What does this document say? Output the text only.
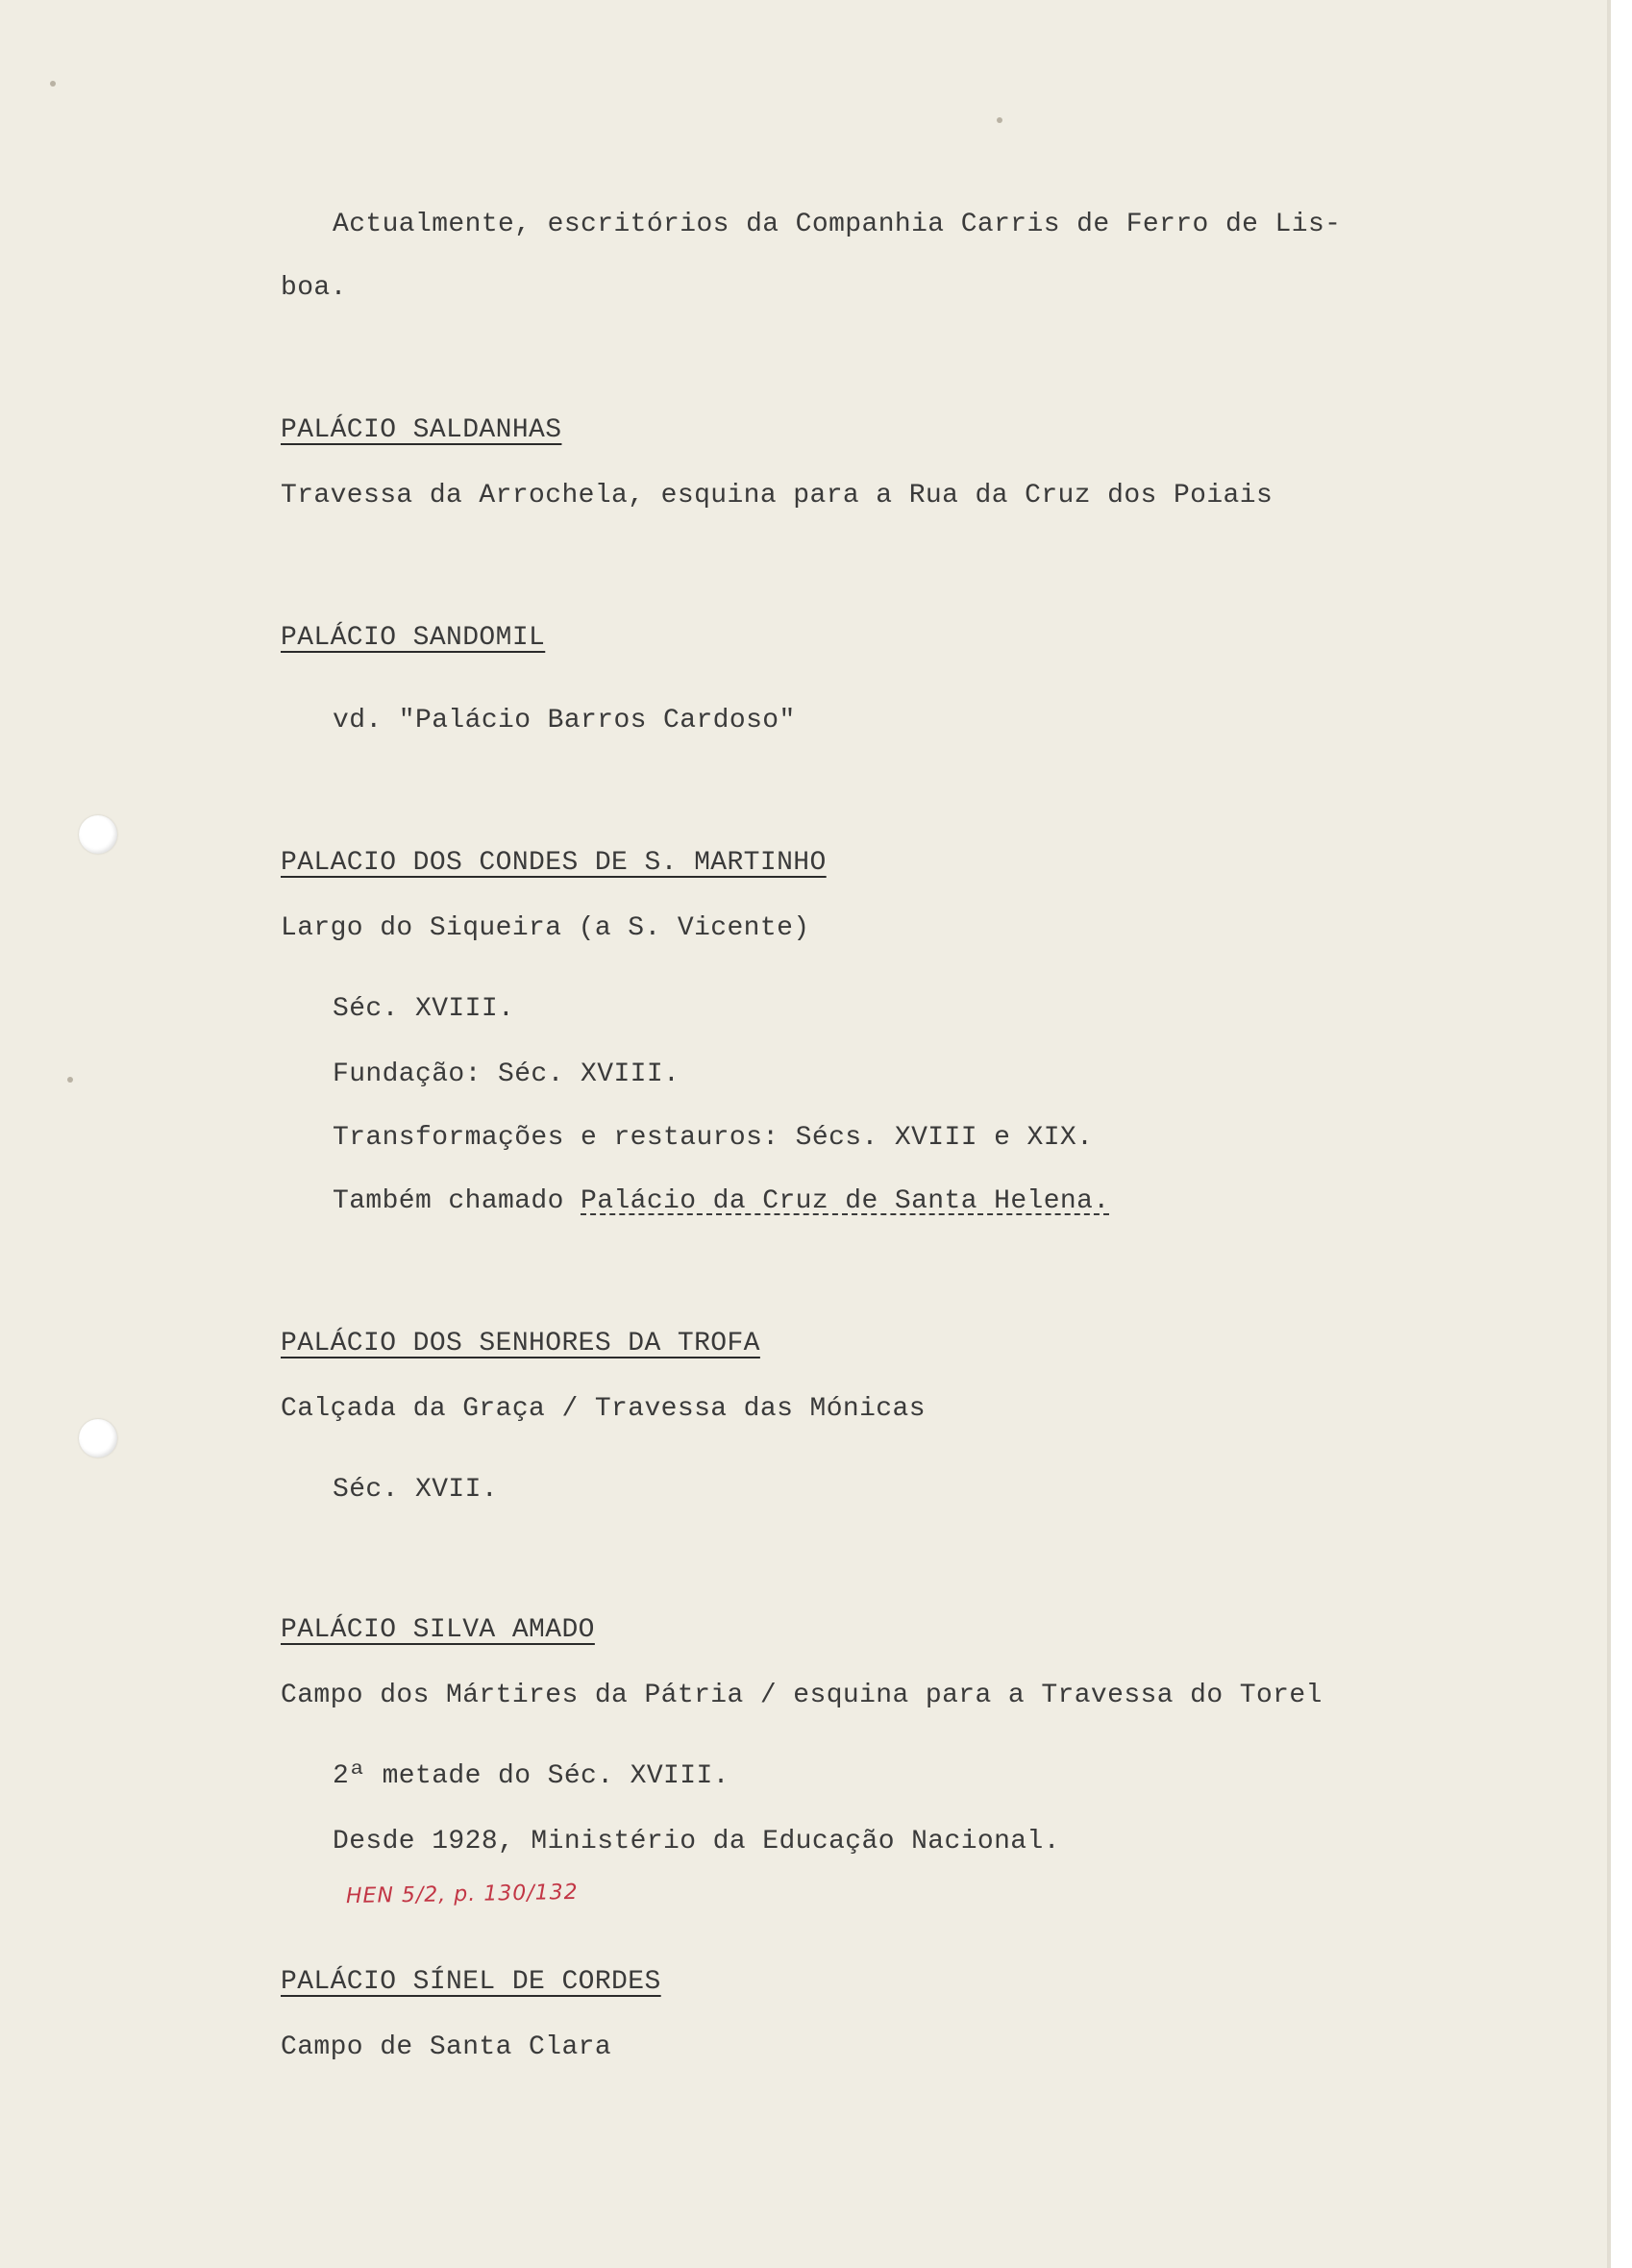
Actualmente, escritórios da Companhia Carris de Ferro de Lis-
boa.
PALÁCIO SALDANHAS
Travessa da Arrochela, esquina para a Rua da Cruz dos Poiais
PALÁCIO SANDOMIL
vd. "Palácio Barros Cardoso"
PALACIO DOS CONDES DE S. MARTINHO
Largo do Siqueira (a S. Vicente)
Séc. XVIII.
Fundação: Séc. XVIII.
Transformações e restauros: Sécs. XVIII e XIX.
Também chamado Palácio da Cruz de Santa Helena.
PALÁCIO DOS SENHORES DA TROFA
Calçada da Graça / Travessa das Mónicas
Séc. XVII.
PALÁCIO SILVA AMADO
Campo dos Mártires da Pátria / esquina para a Travessa do Torel
2ª metade do Séc. XVIII.
Desde 1928, Ministério da Educação Nacional.
HEN 5/2, p. 130/132
PALÁCIO SÍNEL DE CORDES
Campo de Santa Clara
